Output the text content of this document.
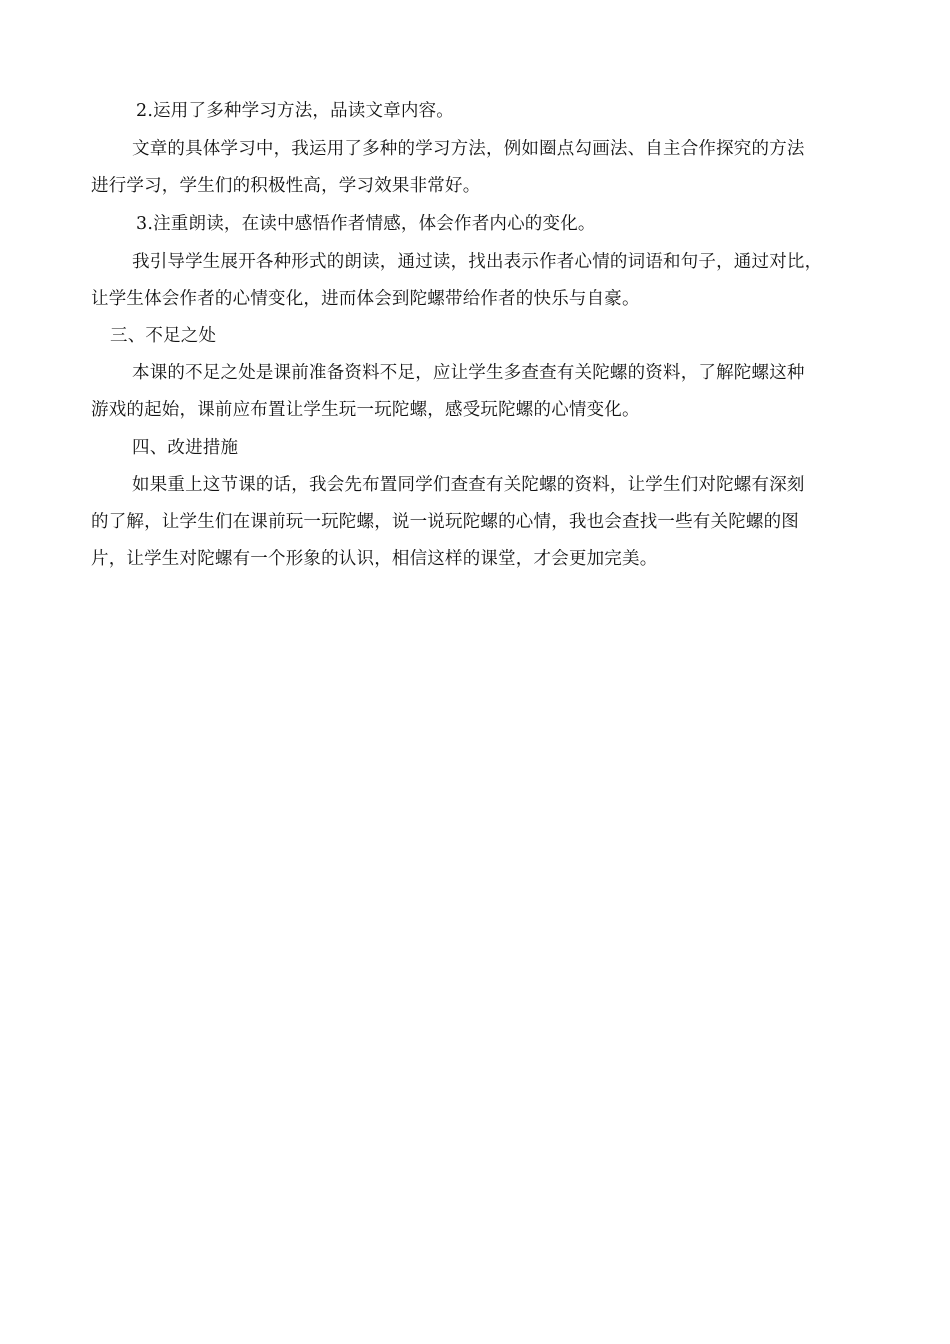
2.运用了多种学习方法，品读文章内容。
文章的具体学习中，我运用了多种的学习方法，例如圈点勾画法、自主合作探究的方法
进行学习，学生们的积极性高，学习效果非常好。
3.注重朗读，在读中感悟作者情感，体会作者内心的变化。
我引导学生展开各种形式的朗读，通过读，找出表示作者心情的词语和句子，通过对比，
让学生体会作者的心情变化，进而体会到陀螺带给作者的快乐与自豪。
三、不足之处
本课的不足之处是课前准备资料不足，应让学生多查查有关陀螺的资料，了解陀螺这种
游戏的起始，课前应布置让学生玩一玩陀螺，感受玩陀螺的心情变化。
四、改进措施
如果重上这节课的话，我会先布置同学们查查有关陀螺的资料，让学生们对陀螺有深刻
的了解，让学生们在课前玩一玩陀螺，说一说玩陀螺的心情，我也会查找一些有关陀螺的图
片，让学生对陀螺有一个形象的认识，相信这样的课堂，才会更加完美。
